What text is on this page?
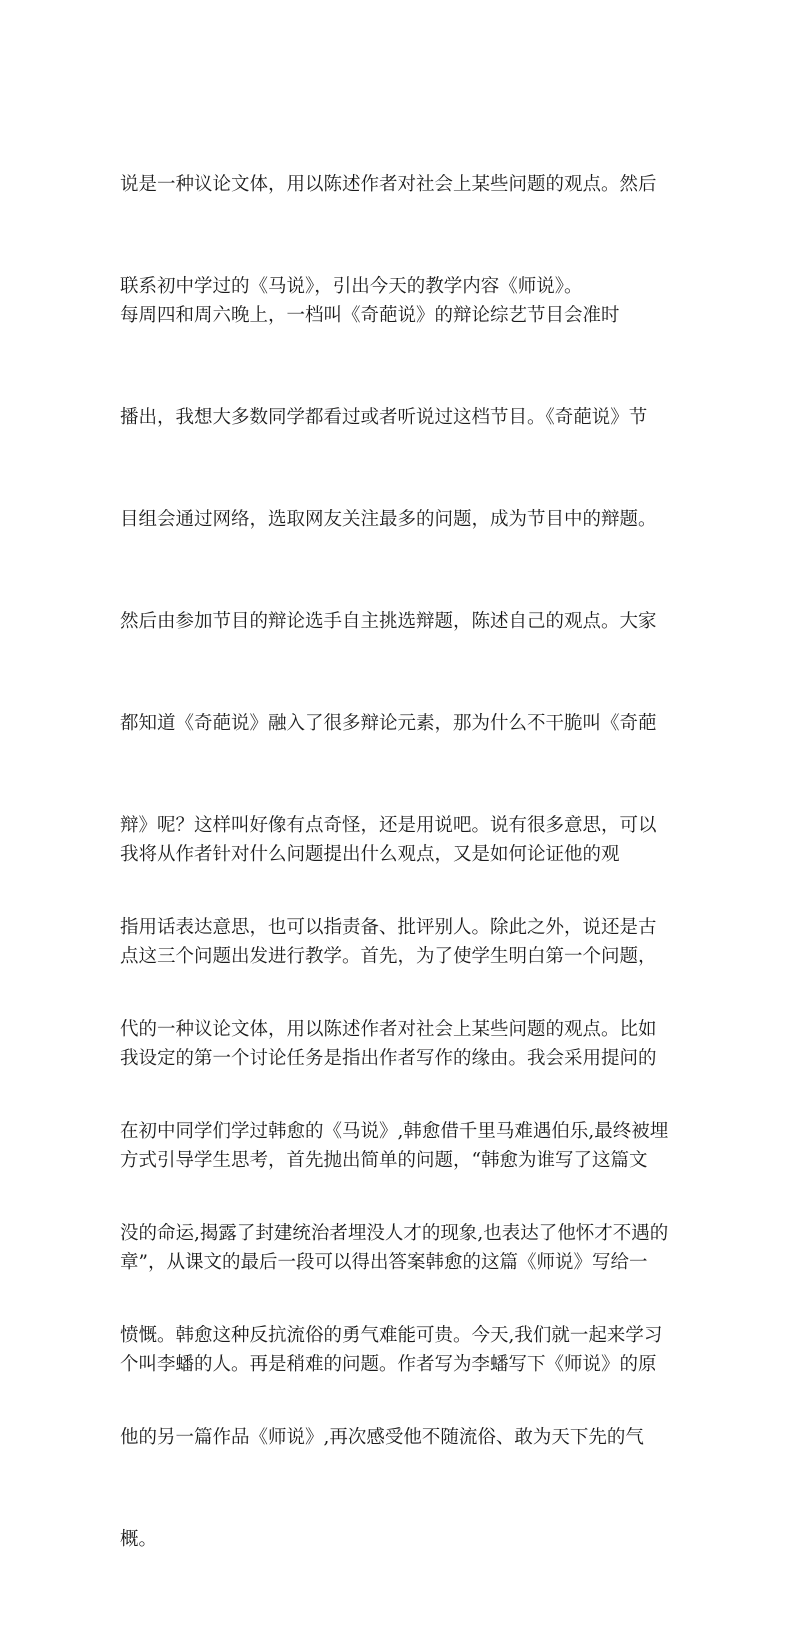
说是一种议论文体，用以陈述作者对社会上某些问题的观点。然后

联系初中学过的《马说》，引出今天的教学内容《师说》。

每周四和周六晚上，一档叫《奇葩说》的辩论综艺节目会准时

播出，我想大多数同学都看过或者听说过这档节目。《奇葩说》节

目组会通过网络，选取网友关注最多的问题，成为节目中的辩题。

然后由参加节目的辩论选手自主挑选辩题，陈述自己的观点。大家

都知道《奇葩说》融入了很多辩论元素，那为什么不干脆叫《奇葩

辩》呢？这样叫好像有点奇怪，还是用说吧。说有很多意思，可以

指用话表达意思，也可以指责备、批评别人。除此之外，说还是古

代的一种议论文体，用以陈述作者对社会上某些问题的观点。比如

在初中同学们学过韩愈的《马说》,韩愈借千里马难遇伯乐,最终被埋

没的命运,揭露了封建统治者埋没人才的现象,也表达了他怀才不遇的

愤慨。韩愈这种反抗流俗的勇气难能可贵。今天,我们就一起来学习

他的另一篇作品《师说》,再次感受他不随流俗、敢为天下先的气

概。

我将从作者针对什么问题提出什么观点，又是如何论证他的观

点这三个问题出发进行教学。首先，为了使学生明白第一个问题，

我设定的第一个讨论任务是指出作者写作的缘由。我会采用提问的

方式引导学生思考，首先抛出简单的问题，“韩愈为谁写了这篇文

章”，从课文的最后一段可以得出答案韩愈的这篇《师说》写给一

个叫李蟠的人。再是稍难的问题。作者写为李蟠写下《师说》的原
